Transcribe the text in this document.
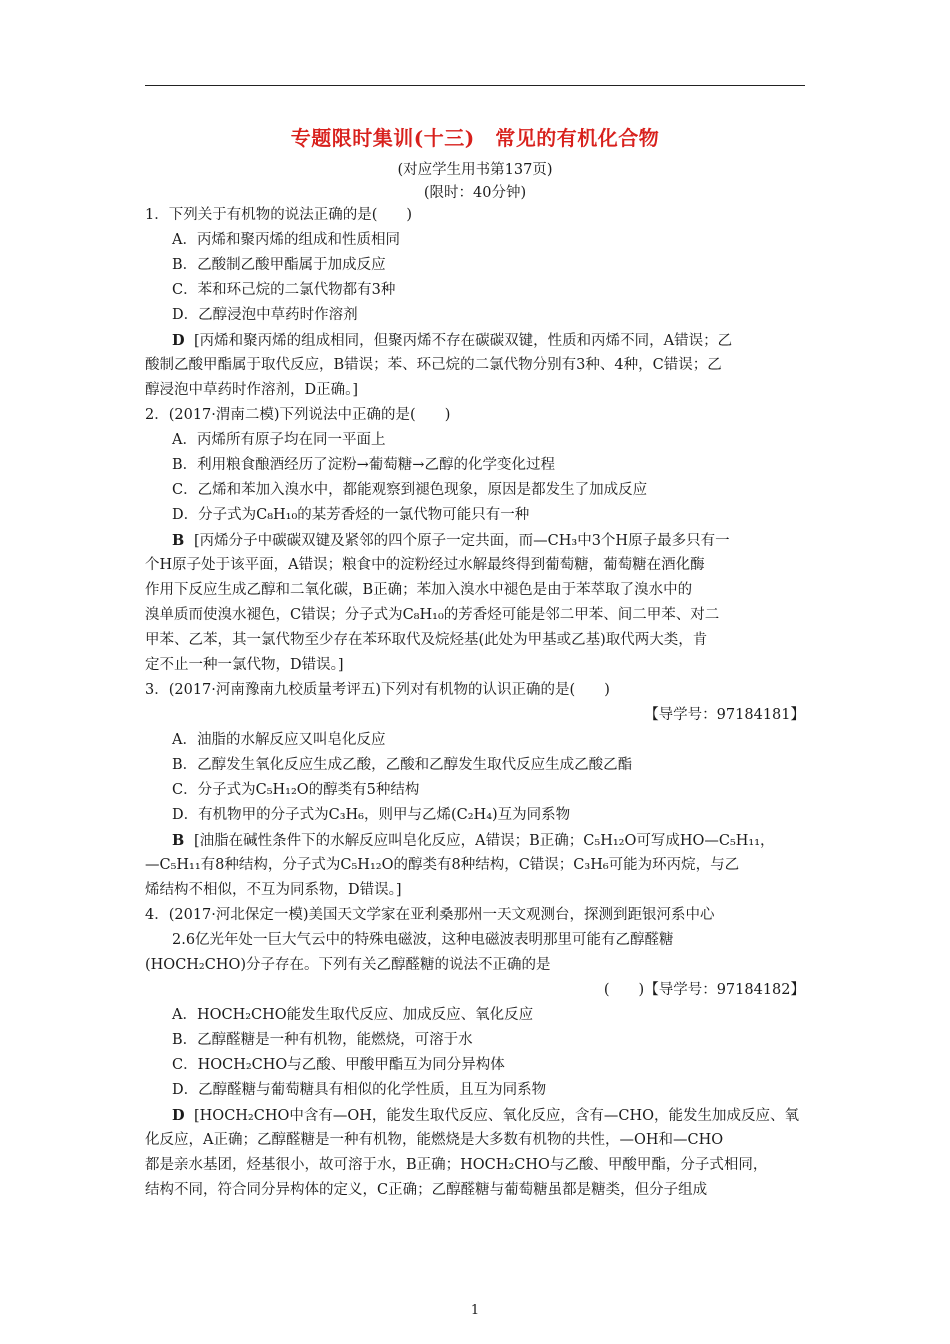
专题限时集训(十三)　常见的有机化合物
(对应学生用书第137页)
(限时：40分钟)
1．下列关于有机物的说法正确的是(　　)
A．丙烯和聚丙烯的组成和性质相同
B．乙酸制乙酸甲酯属于加成反应
C．苯和环己烷的二氯代物都有3种
D．乙醇浸泡中草药时作溶剂
D [丙烯和聚丙烯的组成相同，但聚丙烯不存在碳碳双键，性质和丙烯不同，A错误；乙
酸制乙酸甲酯属于取代反应，B错误；苯、环己烷的二氯代物分别有3种、4种，C错误；乙
醇浸泡中草药时作溶剂，D正确。]
2．(2017·渭南二模)下列说法中正确的是(　　)
A．丙烯所有原子均在同一平面上
B．利用粮食酿酒经历了淀粉→葡萄糖→乙醇的化学变化过程
C．乙烯和苯加入溴水中，都能观察到褪色现象，原因是都发生了加成反应
D．分子式为C₈H₁₀的某芳香烃的一氯代物可能只有一种
B [丙烯分子中碳碳双键及紧邻的四个原子一定共面，而—CH₃中3个H原子最多只有一
个H原子处于该平面，A错误；粮食中的淀粉经过水解最终得到葡萄糖，葡萄糖在酒化酶
作用下反应生成乙醇和二氧化碳，B正确；苯加入溴水中褪色是由于苯萃取了溴水中的
溴单质而使溴水褪色，C错误；分子式为C₈H₁₀的芳香烃可能是邻二甲苯、间二甲苯、对二
甲苯、乙苯，其一氯代物至少存在苯环取代及烷烃基(此处为甲基或乙基)取代两大类，肯
定不止一种一氯代物，D错误。]
3．(2017·河南豫南九校质量考评五)下列对有机物的认识正确的是(　　)
【导学号：97184181】
A．油脂的水解反应又叫皂化反应
B．乙醇发生氧化反应生成乙酸，乙酸和乙醇发生取代反应生成乙酸乙酯
C．分子式为C₅H₁₂O的醇类有5种结构
D．有机物甲的分子式为C₃H₆，则甲与乙烯(C₂H₄)互为同系物
B [油脂在碱性条件下的水解反应叫皂化反应，A错误；B正确；C₅H₁₂O可写成HO—C₅H₁₁，
—C₅H₁₁有8种结构，分子式为C₅H₁₂O的醇类有8种结构，C错误；C₃H₆可能为环丙烷，与乙
烯结构不相似，不互为同系物，D错误。]
4．(2017·河北保定一模)美国天文学家在亚利桑那州一天文观测台，探测到距银河系中心
2.6亿光年处一巨大气云中的特殊电磁波，这种电磁波表明那里可能有乙醇醛糖
(HOCH₂CHO)分子存在。下列有关乙醇醛糖的说法不正确的是
(　　)【导学号：97184182】
A．HOCH₂CHO能发生取代反应、加成反应、氧化反应
B．乙醇醛糖是一种有机物，能燃烧，可溶于水
C．HOCH₂CHO与乙酸、甲酸甲酯互为同分异构体
D．乙醇醛糖与葡萄糖具有相似的化学性质，且互为同系物
D [HOCH₂CHO中含有—OH，能发生取代反应、氧化反应，含有—CHO，能发生加成反应、氧
化反应，A正确；乙醇醛糖是一种有机物，能燃烧是大多数有机物的共性，—OH和—CHO
都是亲水基团，烃基很小，故可溶于水，B正确；HOCH₂CHO与乙酸、甲酸甲酯，分子式相同，
结构不同，符合同分异构体的定义，C正确；乙醇醛糖与葡萄糖虽都是糖类，但分子组成
1
